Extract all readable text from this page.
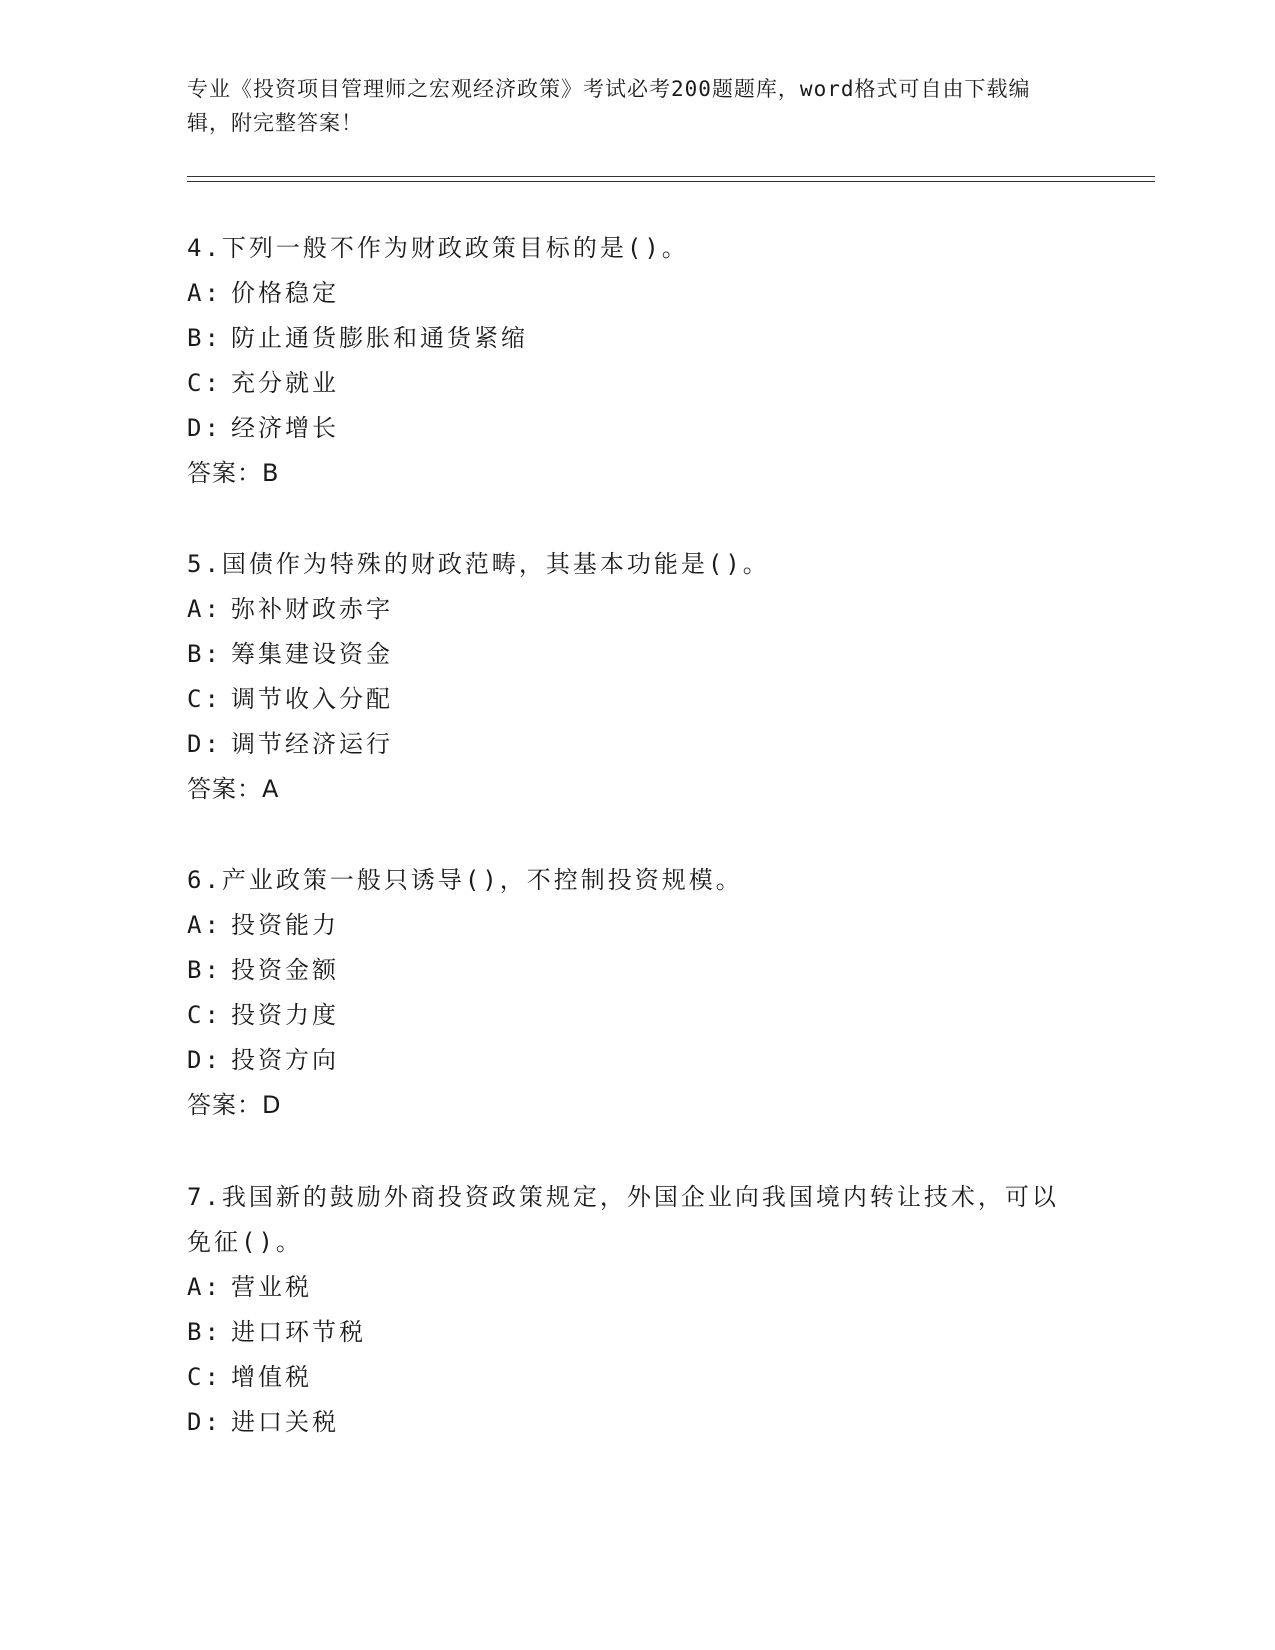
专业《投资项目管理师之宏观经济政策》考试必考200题题库，word格式可自由下载编辑，附完整答案！
4.下列一般不作为财政政策目标的是()。
A: 价格稳定
B: 防止通货膨胀和通货紧缩
C: 充分就业
D: 经济增长
答案：B
5.国债作为特殊的财政范畴，其基本功能是()。
A: 弥补财政赤字
B: 筹集建设资金
C: 调节收入分配
D: 调节经济运行
答案：A
6.产业政策一般只诱导()，不控制投资规模。
A: 投资能力
B: 投资金额
C: 投资力度
D: 投资方向
答案：D
7.我国新的鼓励外商投资政策规定，外国企业向我国境内转让技术，可以免征()。
A: 营业税
B: 进口环节税
C: 增值税
D: 进口关税
